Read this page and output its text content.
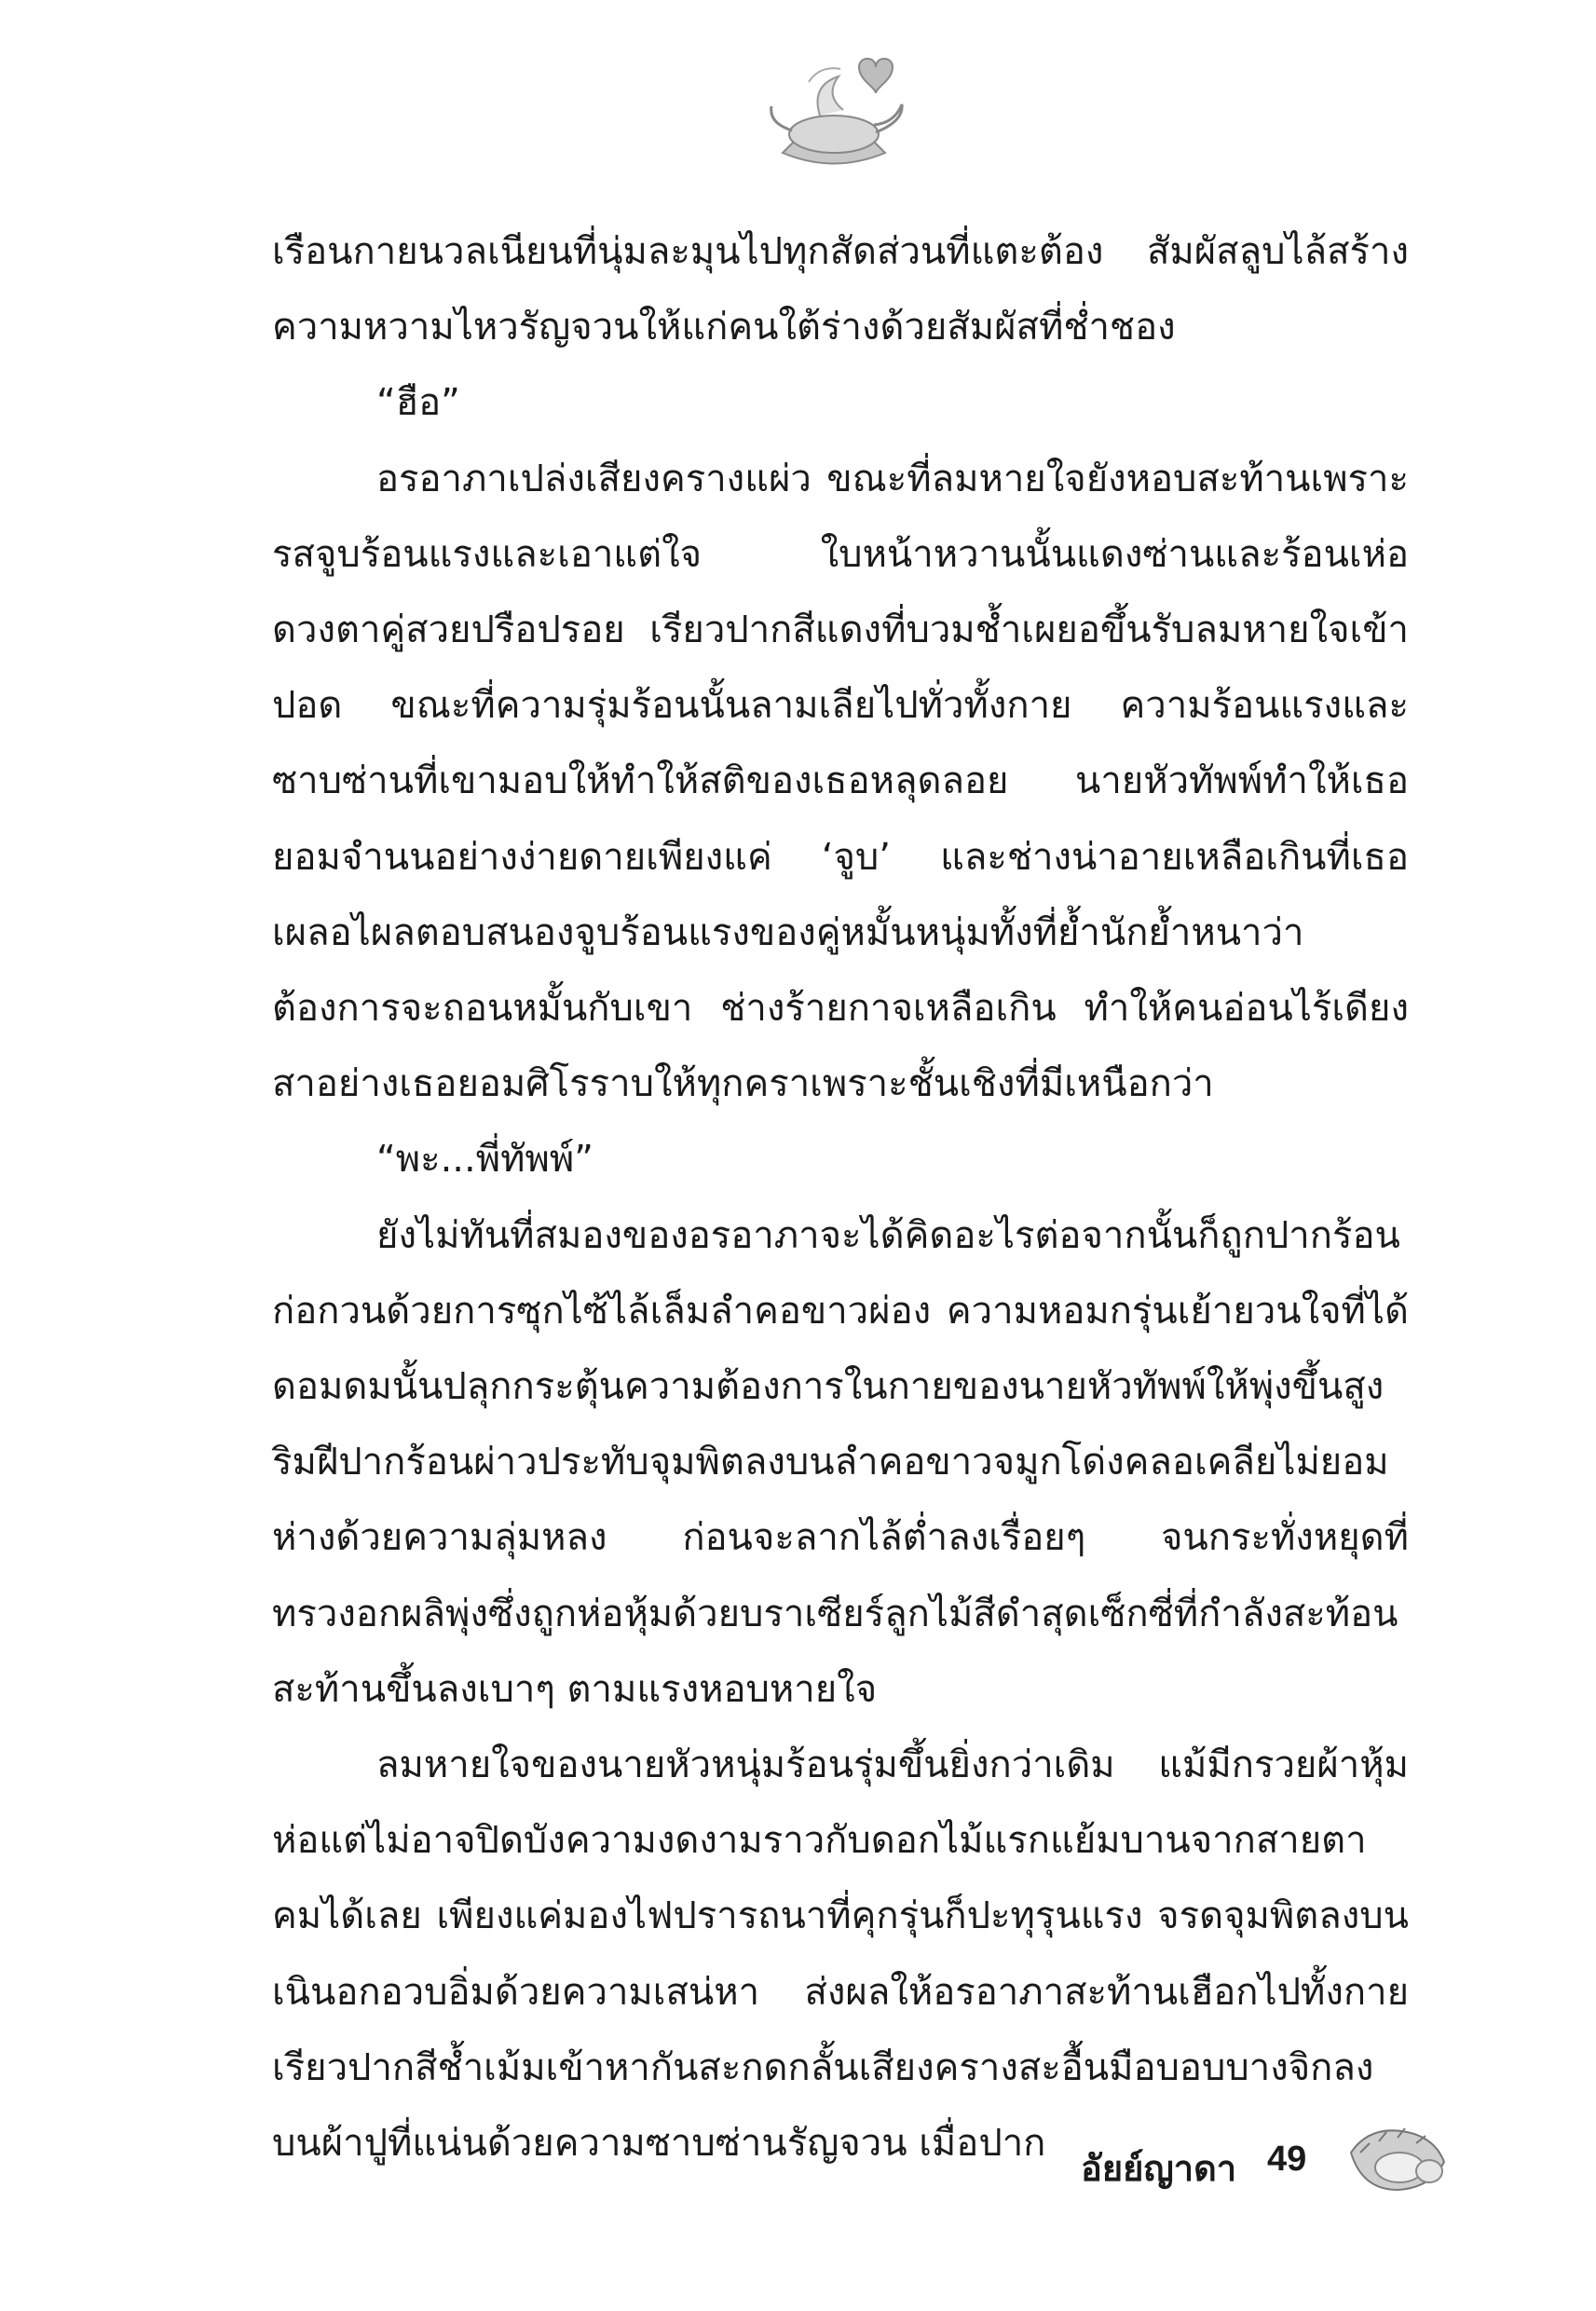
เรือนกายนวลเนียนที่นุ่มละมุนไปทุกสัดส่วนที่แตะต้อง สัมผัสลูบไล้สร้างความหวามไหวรัญจวนให้แก่คนใต้ร่างด้วยสัมผัสที่ช่ำชอง

“ฮือ”

อรอาภาเปล่งเสียงครางแผ่ว ขณะที่ลมหายใจยังหอบสะท้านเพราะรสจูบร้อนแรงและเอาแต่ใจ ใบหน้าหวานนั้นแดงซ่านและร้อนเห่อดวงตาคู่สวยปรือปรอย เรียวปากสีแดงที่บวมช้ำเผยอขึ้นรับลมหายใจเข้าปอด ขณะที่ความรุ่มร้อนนั้นลามเลียไปทั่วทั้งกาย ความร้อนแรงและซาบซ่านที่เขามอบให้ทำให้สติของเธอหลุดลอย นายหัวทัพพ์ทำให้เธอยอมจำนนอย่างง่ายดายเพียงแค่ ‘จูบ’ และช่างน่าอายเหลือเกินที่เธอเผลอไผลตอบสนองจูบร้อนแรงของคู่หมั้นหนุ่มทั้งที่ย้ำนักย้ำหนาว่าต้องการจะถอนหมั้นกับเขา ช่างร้ายกาจเหลือเกิน ทำให้คนอ่อนไร้เดียงสาอย่างเธอยอมศิโรราบให้ทุกคราเพราะชั้นเชิงที่มีเหนือกว่า

“พะ...พี่ทัพพ์”

ยังไม่ทันที่สมองของอรอาภาจะได้คิดอะไรต่อจากนั้นก็ถูกปากร้อนก่อกวนด้วยการซุกไซ้ไล้เล็มลำคอขาวผ่อง ความหอมกรุ่นเย้ายวนใจที่ได้ดอมดมนั้นปลุกกระตุ้นความต้องการในกายของนายหัวทัพพ์ให้พุ่งขึ้นสูง ริมฝีปากร้อนผ่าวประทับจุมพิตลงบนลำคอขาวจมูกโด่งคลอเคลียไม่ยอมห่างด้วยความลุ่มหลง ก่อนจะลากไล้ต่ำลงเรื่อยๆ จนกระทั่งหยุดที่ทรวงอกผลิพุ่งซึ่งถูกห่อหุ้มด้วยบราเซียร์ลูกไม้สีดำสุดเซ็กซี่ที่กำลังสะท้อนสะท้านขึ้นลงเบาๆ ตามแรงหอบหายใจ

ลมหายใจของนายหัวหนุ่มร้อนรุ่มขึ้นยิ่งกว่าเดิม แม้มีกรวยผ้าหุ้มห่อแต่ไม่อาจปิดบังความงดงามราวกับดอกไม้แรกแย้มบานจากสายตาคมได้เลย เพียงแค่มองไฟปรารถนาที่คุกรุ่นก็ปะทุรุนแรง จรดจุมพิตลงบนเนินอกอวบอิ่มด้วยความเสน่หา ส่งผลให้อรอาภาสะท้านเฮือกไปทั้งกาย เรียวปากสีช้ำเม้มเข้าหากันสะกดกลั้นเสียงครางสะอื้นมือบอบบางจิกลงบนผ้าปูที่แน่นด้วยความซาบซ่านรัญจวน เมื่อปาก

อัยย์ญาดา 49
